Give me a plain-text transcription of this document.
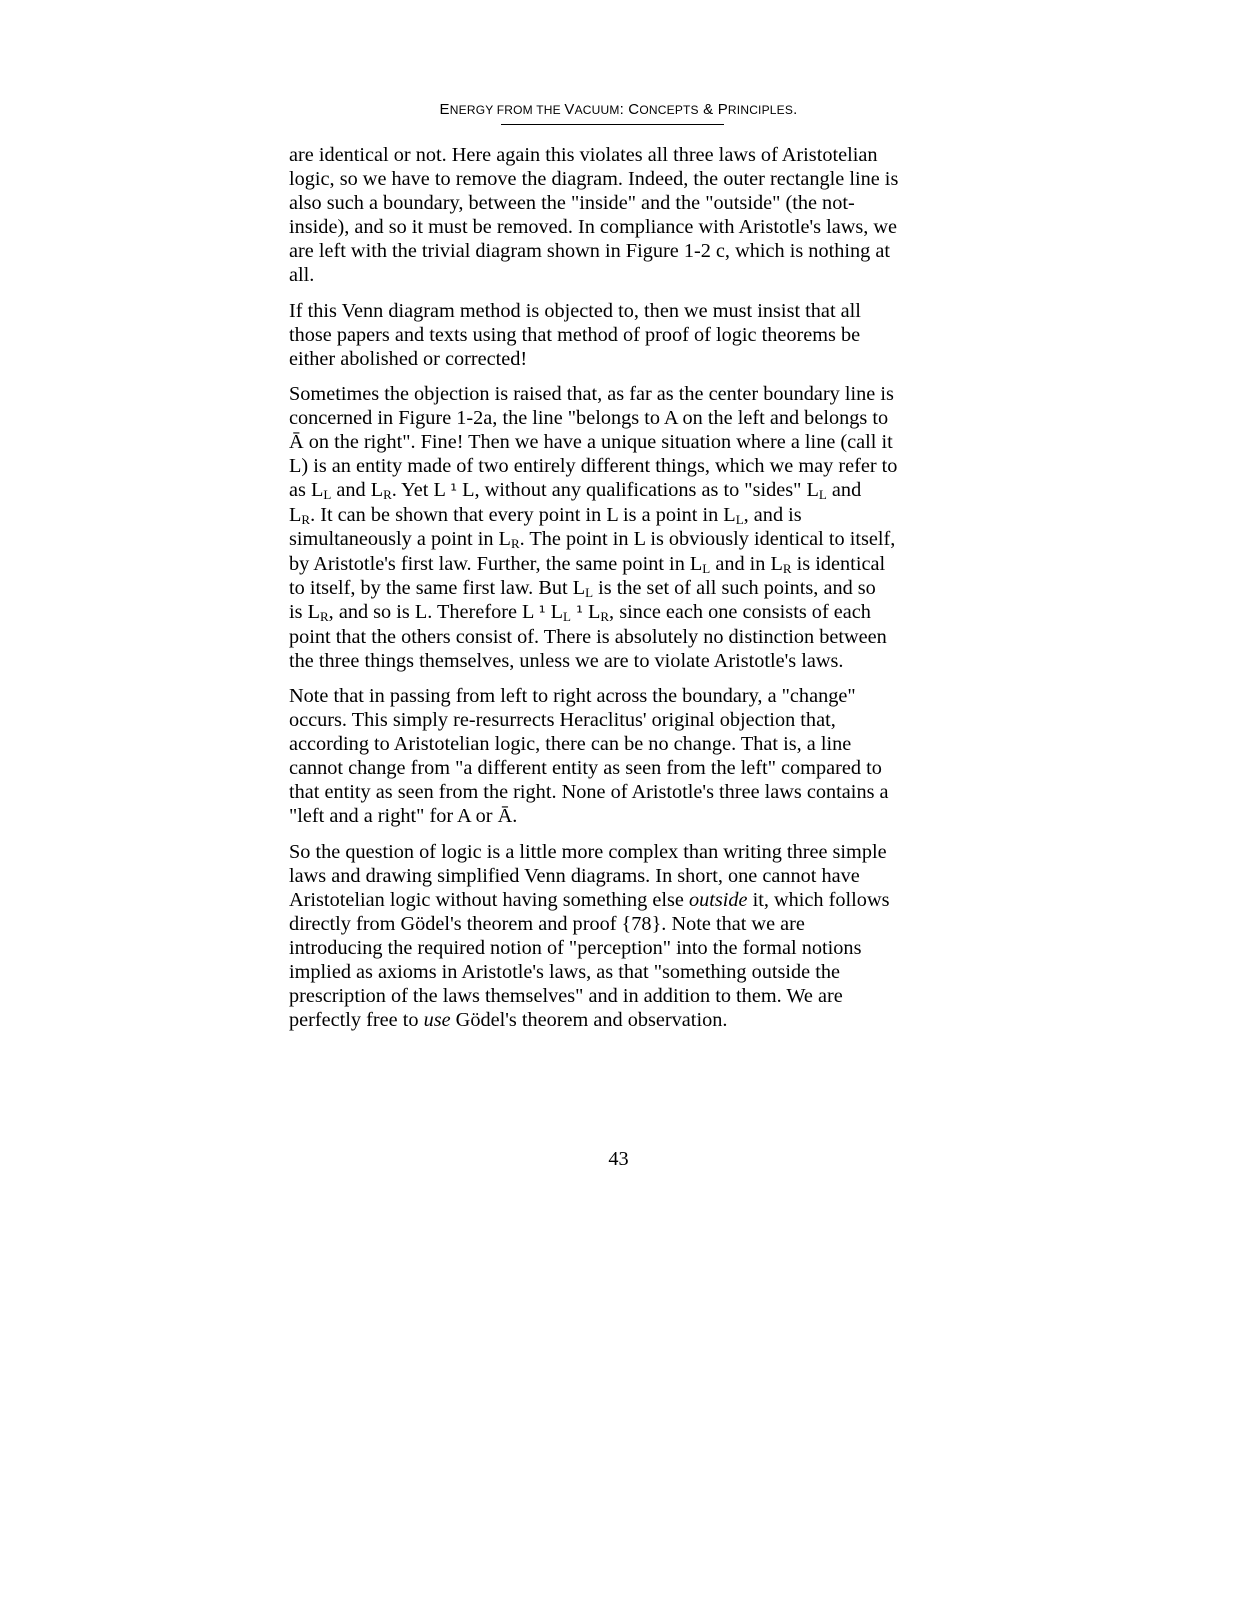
ENERGY FROM THE VACUUM: CONCEPTS & PRINCIPLES.

are identical or not. Here again this violates all three laws of Aristotelian
logic, so we have to remove the diagram. Indeed, the outer rectangle line is
also such a boundary, between the "inside" and the "outside" (the not-
inside), and so it must be removed. In compliance with Aristotle's laws, we
are left with the trivial diagram shown in Figure 1-2 c, which is nothing at
all.

If this Venn diagram method is objected to, then we must insist that all
those papers and texts using that method of proof of logic theorems be
either abolished or corrected!

Sometimes the objection is raised that, as far as the center boundary line is
concerned in Figure 1-2a, the line "belongs to A on the left and belongs to
Ā on the right". Fine! Then we have a unique situation where a line (call it
L) is an entity made of two entirely different things, which we may refer to
as $L_L$ and $L_R$. Yet L ¹ L, without any qualifications as to "sides" $L_L$ and
$L_R$. It can be shown that every point in L is a point in $L_L$, and is
simultaneously a point in $L_R$. The point in L is obviously identical to itself,
by Aristotle's first law. Further, the same point in $L_L$ and in $L_R$ is identical
to itself, by the same first law. But $L_L$ is the set of all such points, and so
is $L_R$, and so is L. Therefore L ¹ $L_L$ ¹ $L_R$, since each one consists of each
point that the others consist of. There is absolutely no distinction between
the three things themselves, unless we are to violate Aristotle's laws.

Note that in passing from left to right across the boundary, a "change"
occurs. This simply re-resurrects Heraclitus' original objection that,
according to Aristotelian logic, there can be no change. That is, a line
cannot change from "a different entity as seen from the left" compared to
that entity as seen from the right. None of Aristotle's three laws contains a
"left and a right" for A or Ā.

So the question of logic is a little more complex than writing three simple
laws and drawing simplified Venn diagrams. In short, one cannot have
Aristotelian logic without having something else outside it, which follows
directly from Gödel's theorem and proof {78}. Note that we are
introducing the required notion of "perception" into the formal notions
implied as axioms in Aristotle's laws, as that "something outside the
prescription of the laws themselves" and in addition to them. We are
perfectly free to use Gödel's theorem and observation.

43
